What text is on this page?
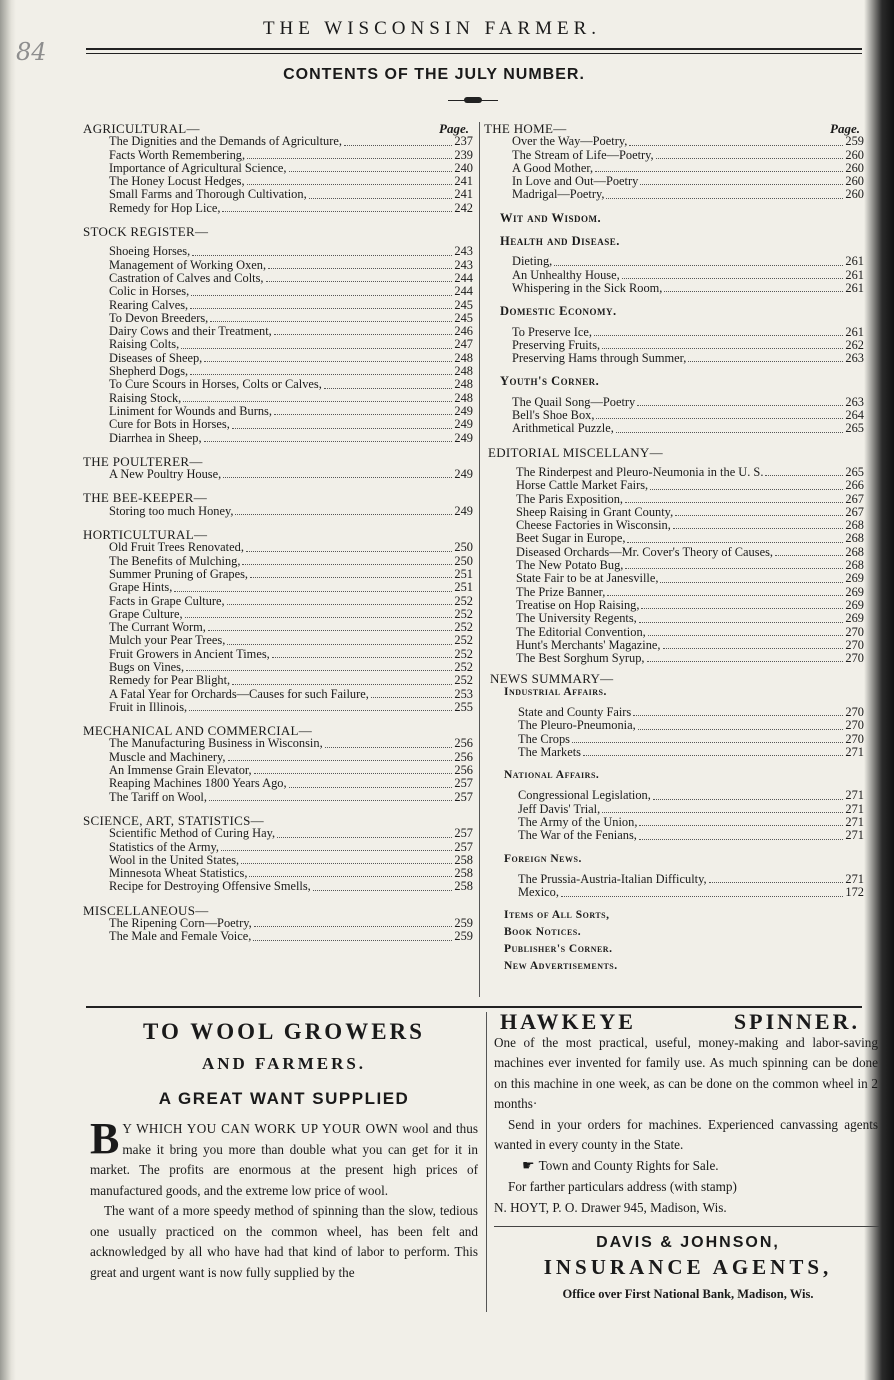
84
THE WISCONSIN FARMER.
CONTENTS OF THE JULY NUMBER.
AGRICULTURAL—	Page.
The Dignities and the Demands of Agriculture,	237
Facts Worth Remembering,	239
Importance of Agricultural Science,	240
The Honey Locust Hedges,	241
Small Farms and Thorough Cultivation,	241
Remedy for Hop Lice,	242
STOCK REGISTER—
Shoeing Horses,	243
Management of Working Oxen,	243
Castration of Calves and Colts,	244
Colic in Horses,	244
Rearing Calves,	245
To Devon Breeders,	245
Dairy Cows and their Treatment,	246
Raising Colts,	247
Diseases of Sheep,	248
Shepherd Dogs,	248
To Cure Scours in Horses, Colts or Calves,	248
Raising Stock,	248
Liniment for Wounds and Burns,	249
Cure for Bots in Horses,	249
Diarrhea in Sheep,	249
THE POULTERER—
A New Poultry House,	249
THE BEE-KEEPER—
Storing too much Honey,	249
HORTICULTURAL—
Old Fruit Trees Renovated,	250
The Benefits of Mulching,	250
Summer Pruning of Grapes,	251
Grape Hints,	251
Facts in Grape Culture,	252
Grape Culture,	252
The Currant Worm,	252
Mulch your Pear Trees,	252
Fruit Growers in Ancient Times,	252
Bugs on Vines,	252
Remedy for Pear Blight,	252
A Fatal Year for Orchards—Causes for such Failure,	253
Fruit in Illinois,	255
MECHANICAL AND COMMERCIAL—
The Manufacturing Business in Wisconsin,	256
Muscle and Machinery,	256
An Immense Grain Elevator,	256
Reaping Machines 1800 Years Ago,	257
The Tariff on Wool,	257
SCIENCE, ART, STATISTICS—
Scientific Method of Curing Hay,	257
Statistics of the Army,	257
Wool in the United States,	258
Minnesota Wheat Statistics,	258
Recipe for Destroying Offensive Smells,	258
MISCELLANEOUS—
The Ripening Corn—Poetry,	259
The Male and Female Voice,	259
THE HOME—	Page.
Over the Way—Poetry,	259
The Stream of Life—Poetry,	260
A Good Mother,	260
In Love and Out—Poetry	260
Madrigal—Poetry,	260
Wit and Wisdom.
Health and Disease.
Dieting,	261
An Unhealthy House,	261
Whispering in the Sick Room,	261
Domestic Economy.
To Preserve Ice,	261
Preserving Fruits,	262
Preserving Hams through Summer,	263
Youth's Corner.
The Quail Song—Poetry	263
Bell's Shoe Box,	264
Arithmetical Puzzle,	265
EDITORIAL MISCELLANY—
The Rinderpest and Pleuro-Neumonia in the U. S.	265
Horse Cattle Market Fairs,	266
The Paris Exposition,	267
Sheep Raising in Grant County,	267
Cheese Factories in Wisconsin,	268
Beet Sugar in Europe,	268
Diseased Orchards—Mr. Cover's Theory of Causes,	268
The New Potato Bug,	268
State Fair to be at Janesville,	269
The Prize Banner,	269
Treatise on Hop Raising,	269
The University Regents,	269
The Editorial Convention,	270
Hunt's Merchants' Magazine,	270
The Best Sorghum Syrup,	270
NEWS SUMMARY—
Industrial Affairs.
State and County Fairs	270
The Pleuro-Pneumonia,	270
The Crops	270
The Markets	271
National Affairs.
Congressional Legislation,	271
Jeff Davis' Trial,	271
The Army of the Union,	271
The War of the Fenians,	271
Foreign News.
The Prussia-Austria-Italian Difficulty,	271
Mexico,	172
Items of All Sorts,
Book Notices.
Publisher's Corner.
New Advertisements.
TO WOOL GROWERS
AND FARMERS.
A GREAT WANT SUPPLIED

B Y WHICH YOU CAN WORK UP YOUR OWN wool and thus make it bring you more than double what you can get for it in market. The profits are enormous at the present high prices of manufactured goods, and the extreme low price of wool.

The want of a more speedy method of spinning than the slow, tedious one usually practiced on the common wheel, has been felt and acknowledged by all who have had that kind of labor to perform. This great and urgent want is now fully supplied by the

HAWKEYE	SPINNER.

One of the most practical, useful, money-making and labor-saving machines ever invented for family use. As much spinning can be done on this machine in one week, as can be done on the common wheel in 2 months·

Send in your orders for machines. Experienced canvassing agents wanted in every county in the State.

☛ Town and County Rights for Sale.

For farther particulars address (with stamp)

N. HOYT, P. O. Drawer 945, Madison, Wis.

DAVIS & JOHNSON,
INSURANCE AGENTS,
Office over First National Bank, Madison, Wis.
